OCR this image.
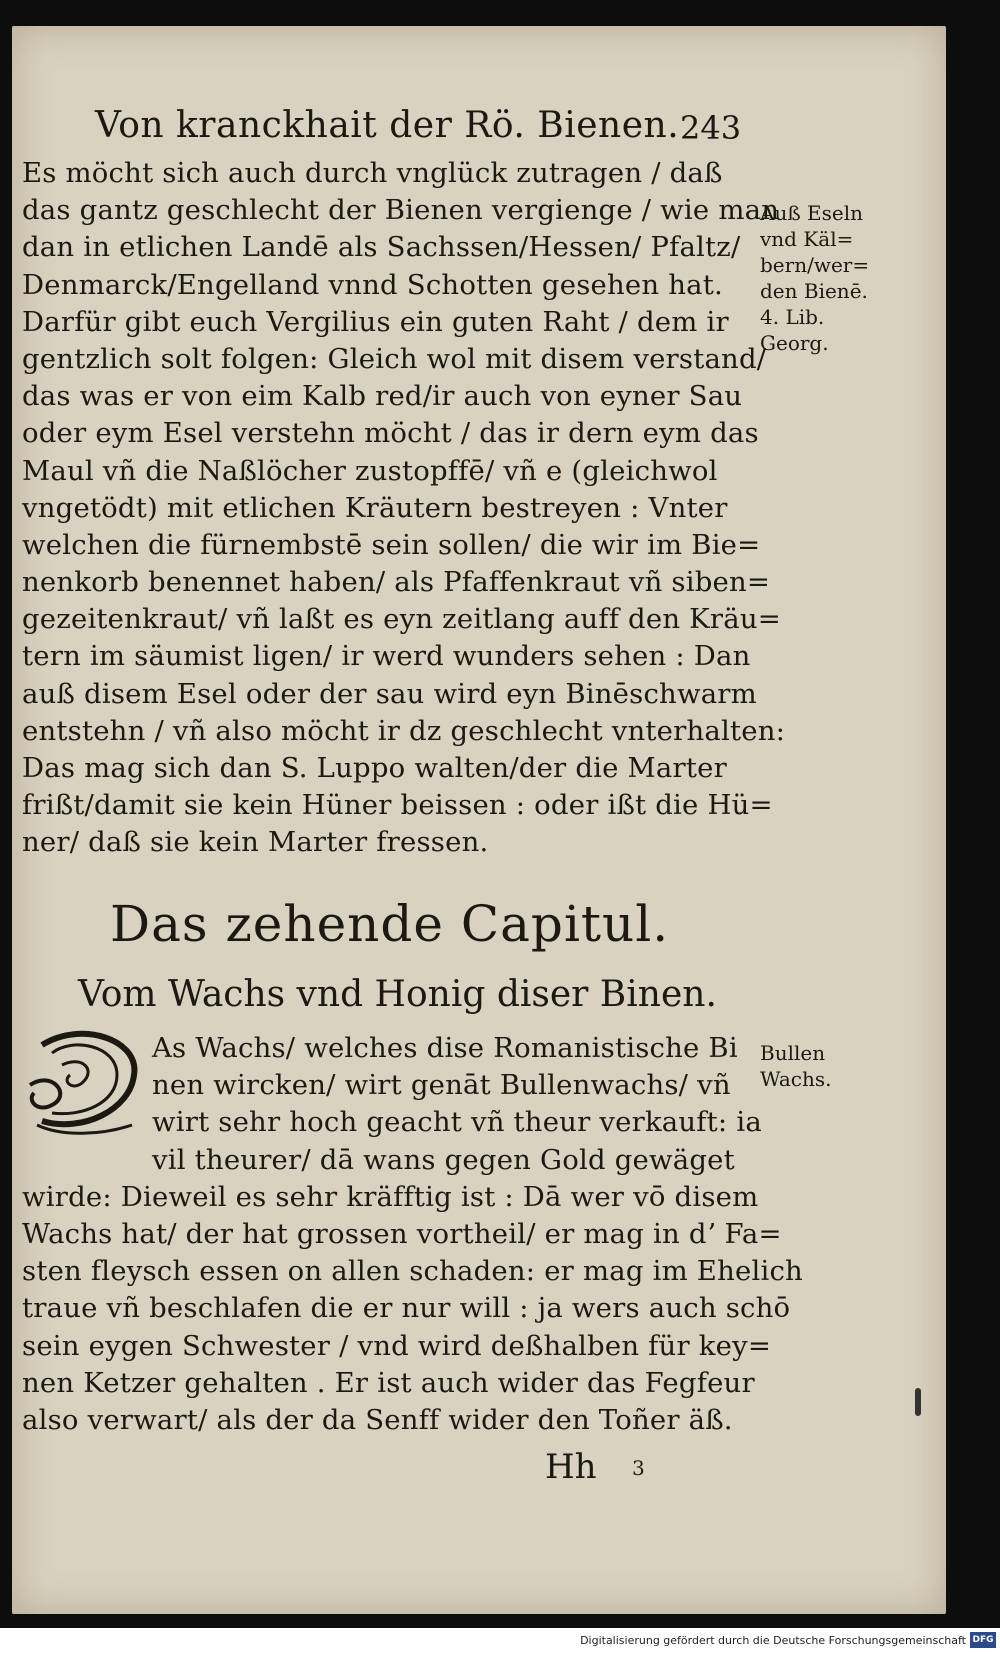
Von kranckhait der Rö. Bienen. 243
Es möcht sich auch durch vnglück zutragen / daß
das gantz geschlecht der Bienen vergienge / wie man
dan in etlichen Landē als Sachssen/Hessen/ Pfaltz/
Denmarck/Engelland vnnd Schotten gesehen hat.
Darfür gibt euch Vergilius ein guten Raht / dem ir
gentzlich solt folgen: Gleich wol mit disem verstand/
das was er von eim Kalb red/ir auch von eyner Sau
oder eym Esel verstehn möcht / das ir dern eym das
Maul vñ die Naßlöcher zustopffē/ vñ e (gleichwol
vngetödt) mit etlichen Kräutern bestreyen : Vnter
welchen die fürnembstē sein sollen/ die wir im Bie=
nenkorb benennet haben/ als Pfaffenkraut vñ siben=
gezeitenkraut/ vñ laßt es eyn zeitlang auff den Kräu=
tern im säumist ligen/ ir werd wunders sehen : Dan
auß disem Esel oder der sau wird eyn Binēschwarm
entstehn / vñ also möcht ir dz geschlecht vnterhalten:
Das mag sich dan S. Luppo walten/der die Marter
frißt/damit sie kein Hüner beissen : oder ißt die Hü=
ner/ daß sie kein Marter fressen.
Auß Eseln
vnd Käl=
bern/wer=
den Bienē.
4. Lib.
Georg.
Das zehende Capitul.
Vom Wachs vnd Honig diser Binen.
As Wachs/ welches dise Romanistische Bi
nen wircken/ wirt genāt Bullenwachs/ vñ
wirt sehr hoch geacht vñ theur verkauft: ia
vil theurer/ dā wans gegen Gold gewäget
wirde: Dieweil es sehr kräfftig ist : Dā wer vō disem
Wachs hat/ der hat grossen vortheil/ er mag in dʼ Fa=
sten fleysch essen on allen schaden: er mag im Ehelich
traue vñ beschlafen die er nur will : ja wers auch schō
sein eygen Schwester / vnd wird deßhalben für key=
nen Ketzer gehalten . Er ist auch wider das Fegfeur
also verwart/ als der da Senff wider den Toñer äß.
Bullen
Wachs.
Hh 3
Digitalisierung gefördert durch die Deutsche Forschungsgemeinschaft DFG
